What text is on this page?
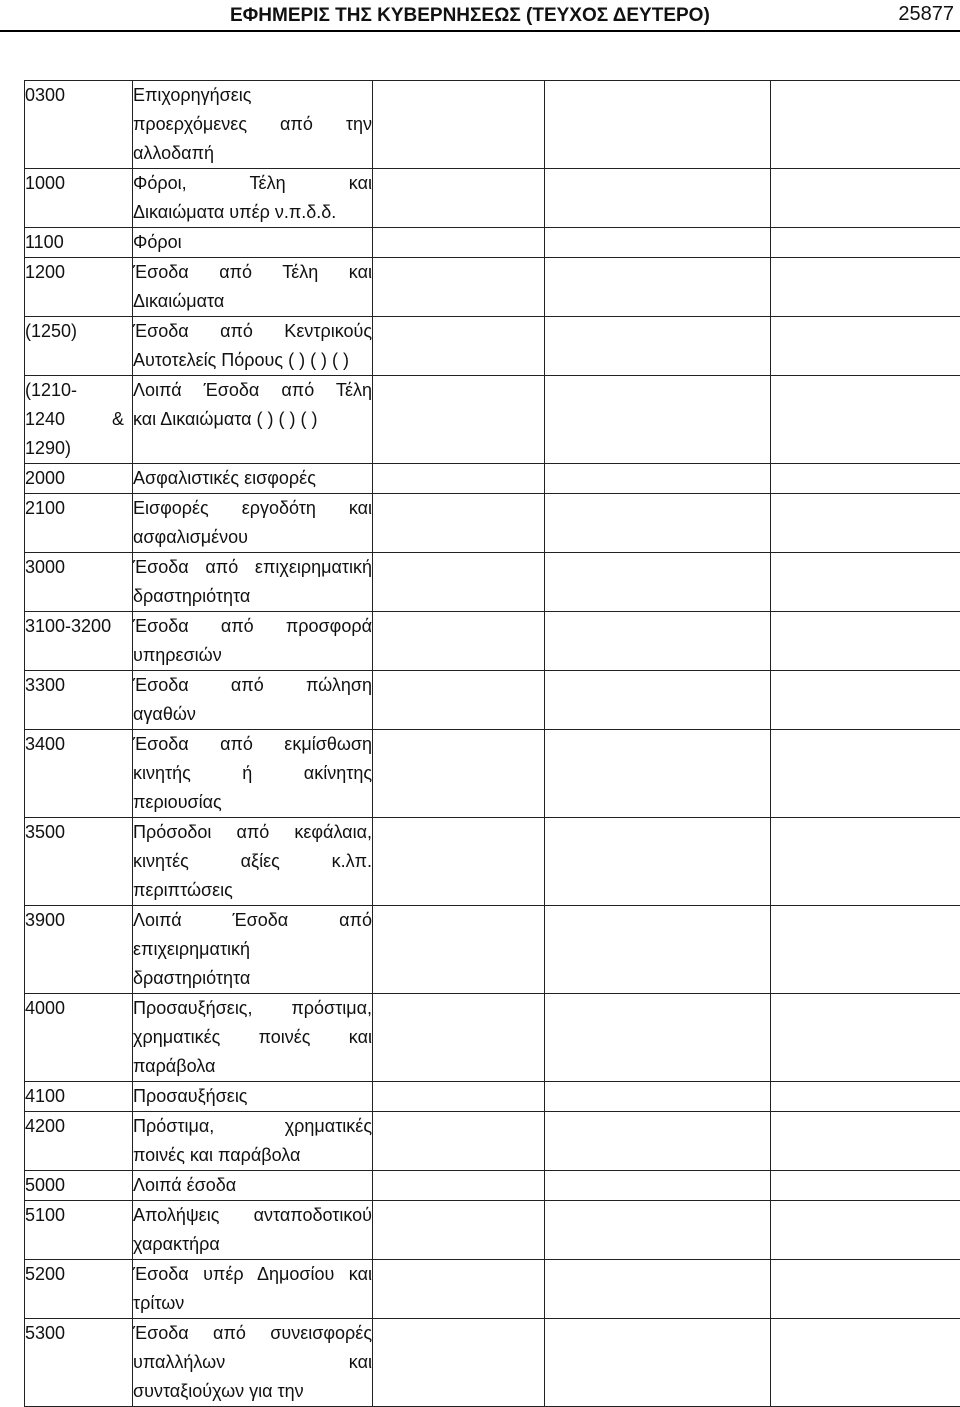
ΕΦΗΜΕΡΙΣ ΤΗΣ ΚΥΒΕΡΝΗΣΕΩΣ (ΤΕΥΧΟΣ ΔΕΥΤΕΡΟ)	25877
0300	Επιχορηγήσεις
προερχόμενες από την
αλλοδαπή			

1000	Φόροι, Τέλη και
Δικαιώματα υπέρ ν.π.δ.δ.			

1100	Φόροι			

1200	Έσοδα από Τέλη και
Δικαιώματα			

(1250)	Έσοδα από Κεντρικούς
Αυτοτελείς Πόρους ( ) ( ) ( )			

(1210-
1240 &
1290)	Λοιπά Έσοδα από Τέλη
και Δικαιώματα ( ) ( ) ( )			

2000	Ασφαλιστικές εισφορές			

2100	Εισφορές εργοδότη και
ασφαλισμένου			

3000	Έσοδα από επιχειρηματική
δραστηριότητα			

3100-3200	Έσοδα από προσφορά
υπηρεσιών			

3300	Έσοδα από πώληση
αγαθών			

3400	Έσοδα από εκμίσθωση
κινητής ή ακίνητης
περιουσίας			

3500	Πρόσοδοι από κεφάλαια,
κινητές αξίες κ.λπ.
περιπτώσεις			

3900	Λοιπά Έσοδα από
επιχειρηματική
δραστηριότητα			

4000	Προσαυξήσεις, πρόστιμα,
χρηματικές ποινές και
παράβολα			

4100	Προσαυξήσεις			

4200	Πρόστιμα, χρηματικές
ποινές και παράβολα			

5000	Λοιπά έσοδα			

5100	Απολήψεις ανταποδοτικού
χαρακτήρα			

5200	Έσοδα υπέρ Δημοσίου και
τρίτων			

5300	Έσοδα από συνεισφορές
υπαλλήλων και
συνταξιούχων για την			
